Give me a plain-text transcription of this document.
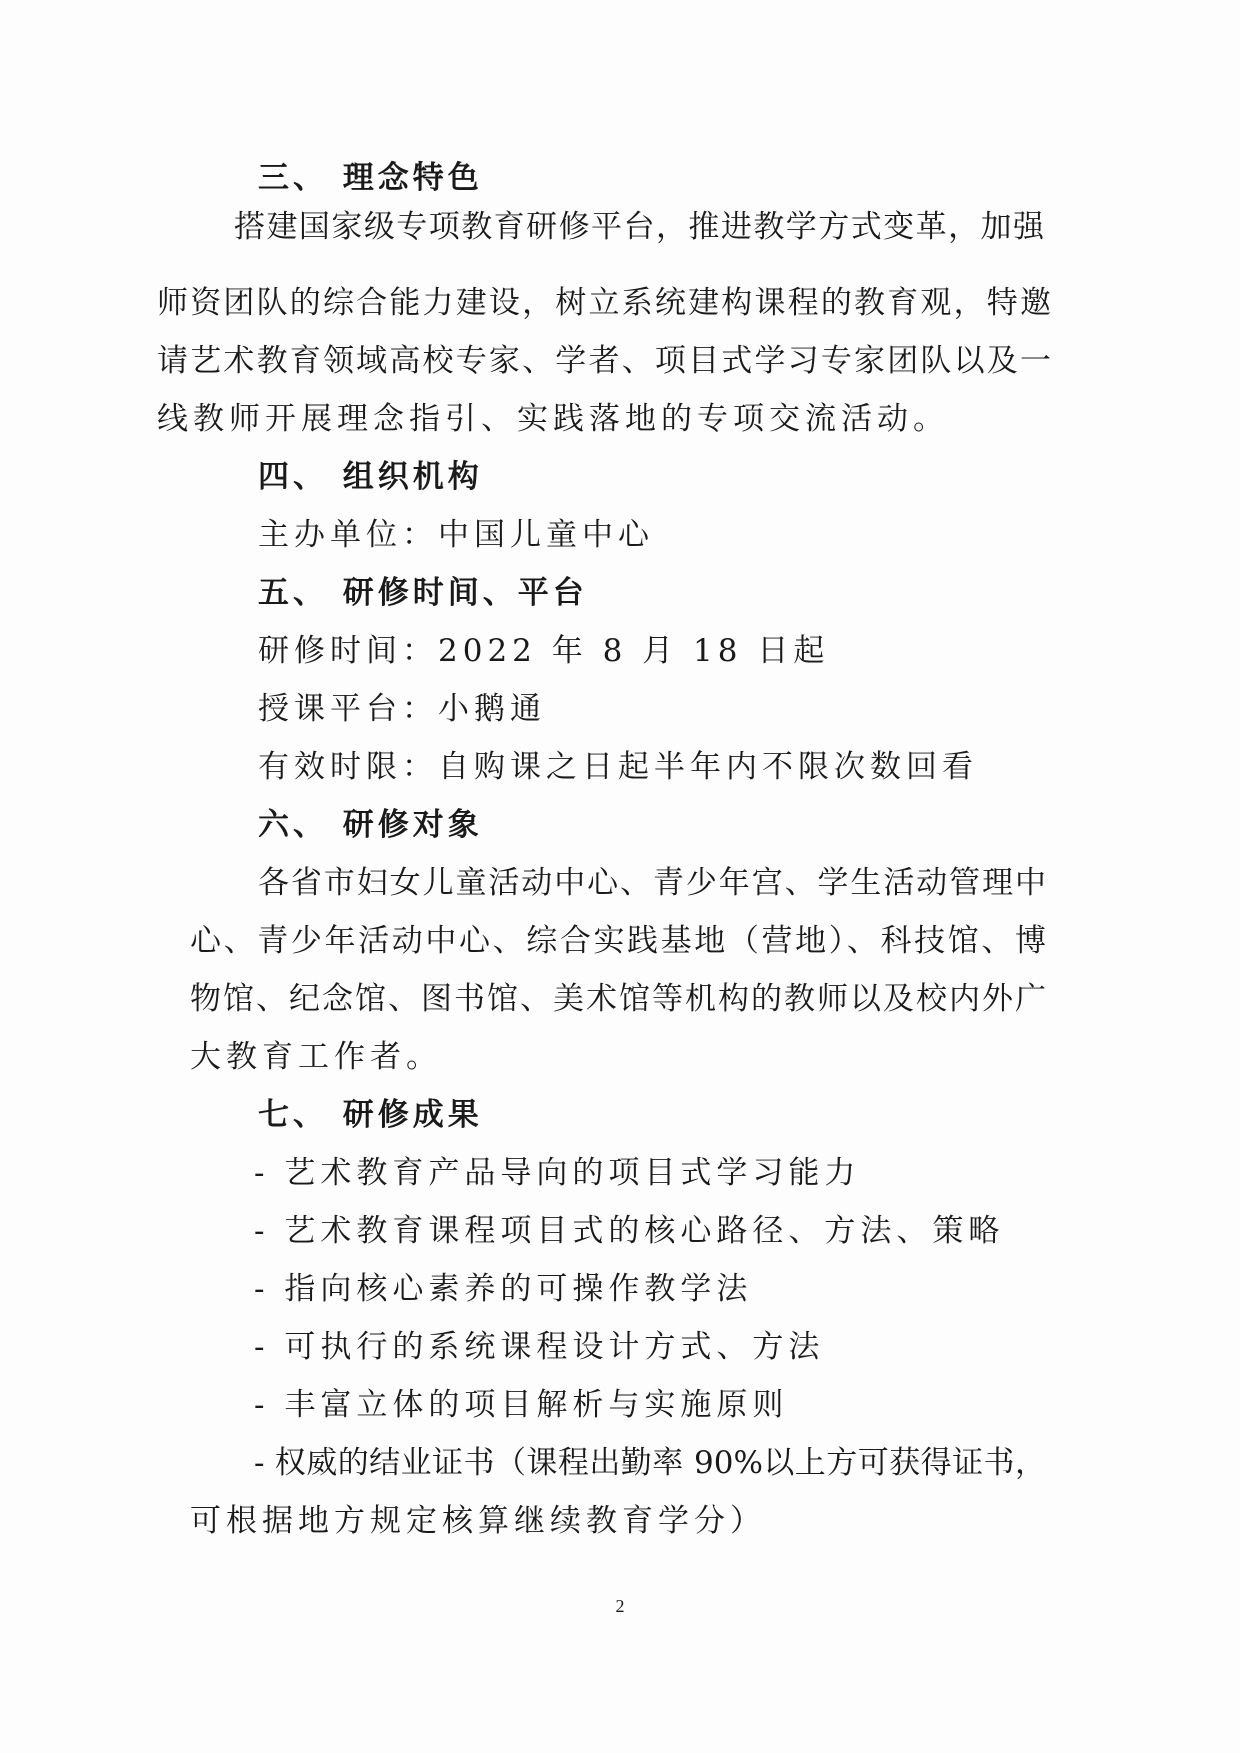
三、 理念特色
搭建国家级专项教育研修平台，推进教学方式变革，加强
师资团队的综合能力建设，树立系统建构课程的教育观，特邀
请艺术教育领域高校专家、学者、项目式学习专家团队以及一
线教师开展理念指引、实践落地的专项交流活动。
四、 组织机构
主办单位：中国儿童中心
五、 研修时间、平台
研修时间：2022 年 8 月 18 日起
授课平台：小鹅通
有效时限：自购课之日起半年内不限次数回看
六、 研修对象
各省市妇女儿童活动中心、青少年宫、学生活动管理中
心、青少年活动中心、综合实践基地（营地）、科技馆、博
物馆、纪念馆、图书馆、美术馆等机构的教师以及校内外广
大教育工作者。
七、 研修成果
- 艺术教育产品导向的项目式学习能力
- 艺术教育课程项目式的核心路径、方法、策略
- 指向核心素养的可操作教学法
- 可执行的系统课程设计方式、方法
- 丰富立体的项目解析与实施原则
- 权威的结业证书（课程出勤率 90%以上方可获得证书，
可根据地方规定核算继续教育学分）
2
